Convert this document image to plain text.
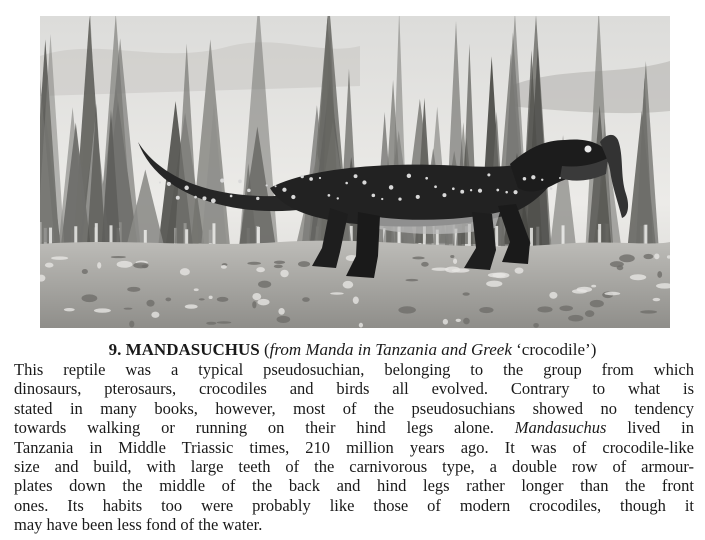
9. MANDASUCHUS (from Manda in Tanzania and Greek ‘crocodile’)
This reptile was a typical pseudosuchian, belonging to the group from which
dinosaurs, pterosaurs, crocodiles and birds all evolved. Contrary to what is
stated in many books, however, most of the pseudosuchians showed no tendency
towards walking or running on their hind legs alone. Mandasuchus lived in
Tanzania in Middle Triassic times, 210 million years ago. It was of crocodile-like
size and build, with large teeth of the carnivorous type, a double row of armour-
plates down the middle of the back and hind legs rather longer than the front
ones. Its habits too were probably like those of modern crocodiles, though it
may have been less fond of the water.
